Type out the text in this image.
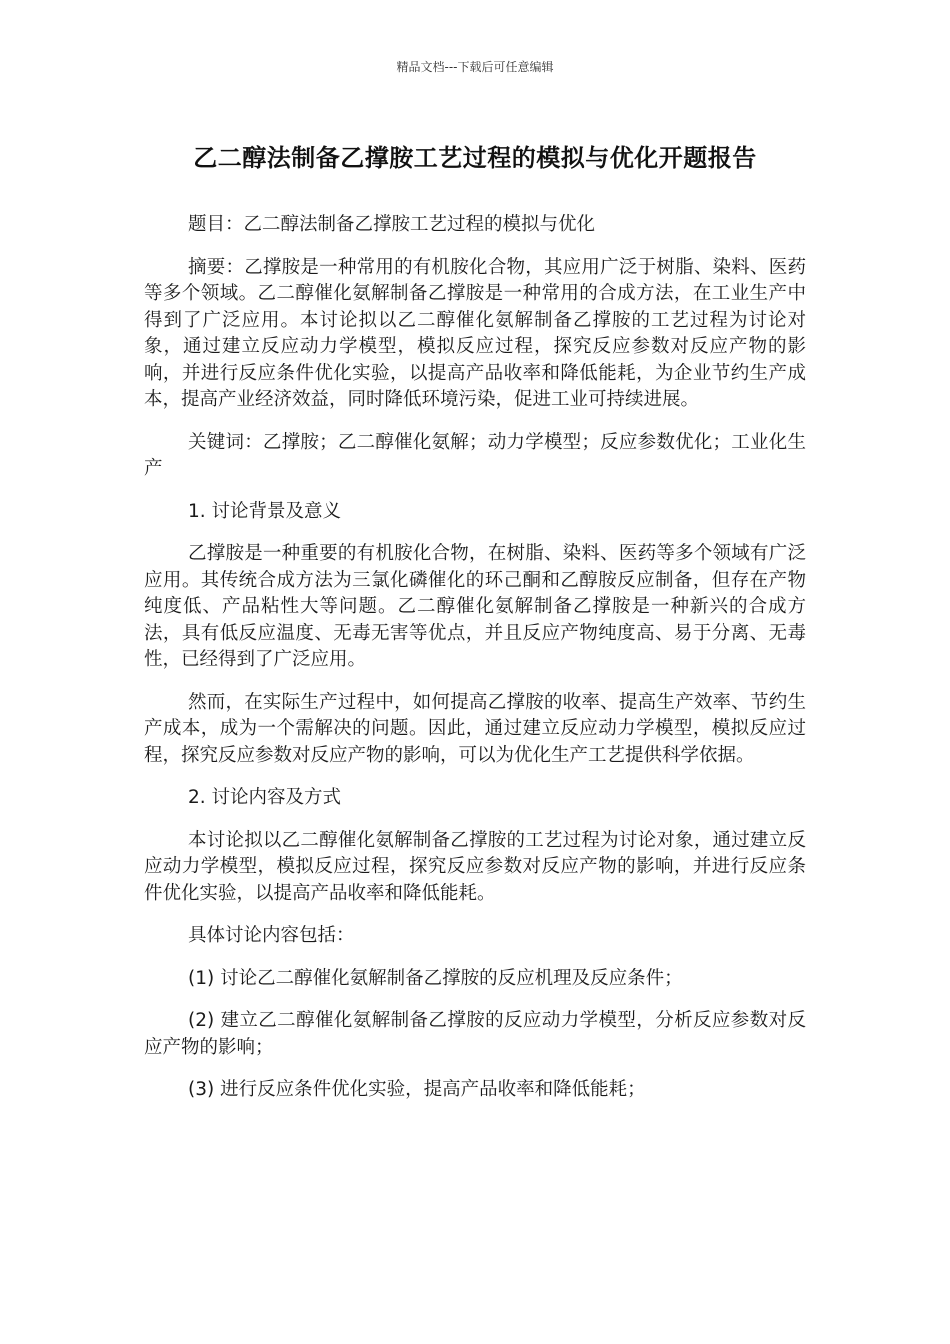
精品文档---下载后可任意编辑
乙二醇法制备乙撑胺工艺过程的模拟与优化开题报告

题目：乙二醇法制备乙撑胺工艺过程的模拟与优化

摘要：乙撑胺是一种常用的有机胺化合物，其应用广泛于树脂、染料、医药等多个领域。乙二醇催化氨解制备乙撑胺是一种常用的合成方法，在工业生产中得到了广泛应用。本讨论拟以乙二醇催化氨解制备乙撑胺的工艺过程为讨论对象，通过建立反应动力学模型，模拟反应过程，探究反应参数对反应产物的影响，并进行反应条件优化实验，以提高产品收率和降低能耗，为企业节约生产成本，提高产业经济效益，同时降低环境污染，促进工业可持续进展。

关键词：乙撑胺；乙二醇催化氨解；动力学模型；反应参数优化；工业化生产

1. 讨论背景及意义

乙撑胺是一种重要的有机胺化合物，在树脂、染料、医药等多个领域有广泛应用。其传统合成方法为三氯化磷催化的环己酮和乙醇胺反应制备，但存在产物纯度低、产品粘性大等问题。乙二醇催化氨解制备乙撑胺是一种新兴的合成方法，具有低反应温度、无毒无害等优点，并且反应产物纯度高、易于分离、无毒性，已经得到了广泛应用。

然而，在实际生产过程中，如何提高乙撑胺的收率、提高生产效率、节约生产成本，成为一个需解决的问题。因此，通过建立反应动力学模型，模拟反应过程，探究反应参数对反应产物的影响，可以为优化生产工艺提供科学依据。

2. 讨论内容及方式

本讨论拟以乙二醇催化氨解制备乙撑胺的工艺过程为讨论对象，通过建立反应动力学模型，模拟反应过程，探究反应参数对反应产物的影响，并进行反应条件优化实验，以提高产品收率和降低能耗。

具体讨论内容包括：

(1) 讨论乙二醇催化氨解制备乙撑胺的反应机理及反应条件；

(2) 建立乙二醇催化氨解制备乙撑胺的反应动力学模型，分析反应参数对反应产物的影响；

(3) 进行反应条件优化实验，提高产品收率和降低能耗；
